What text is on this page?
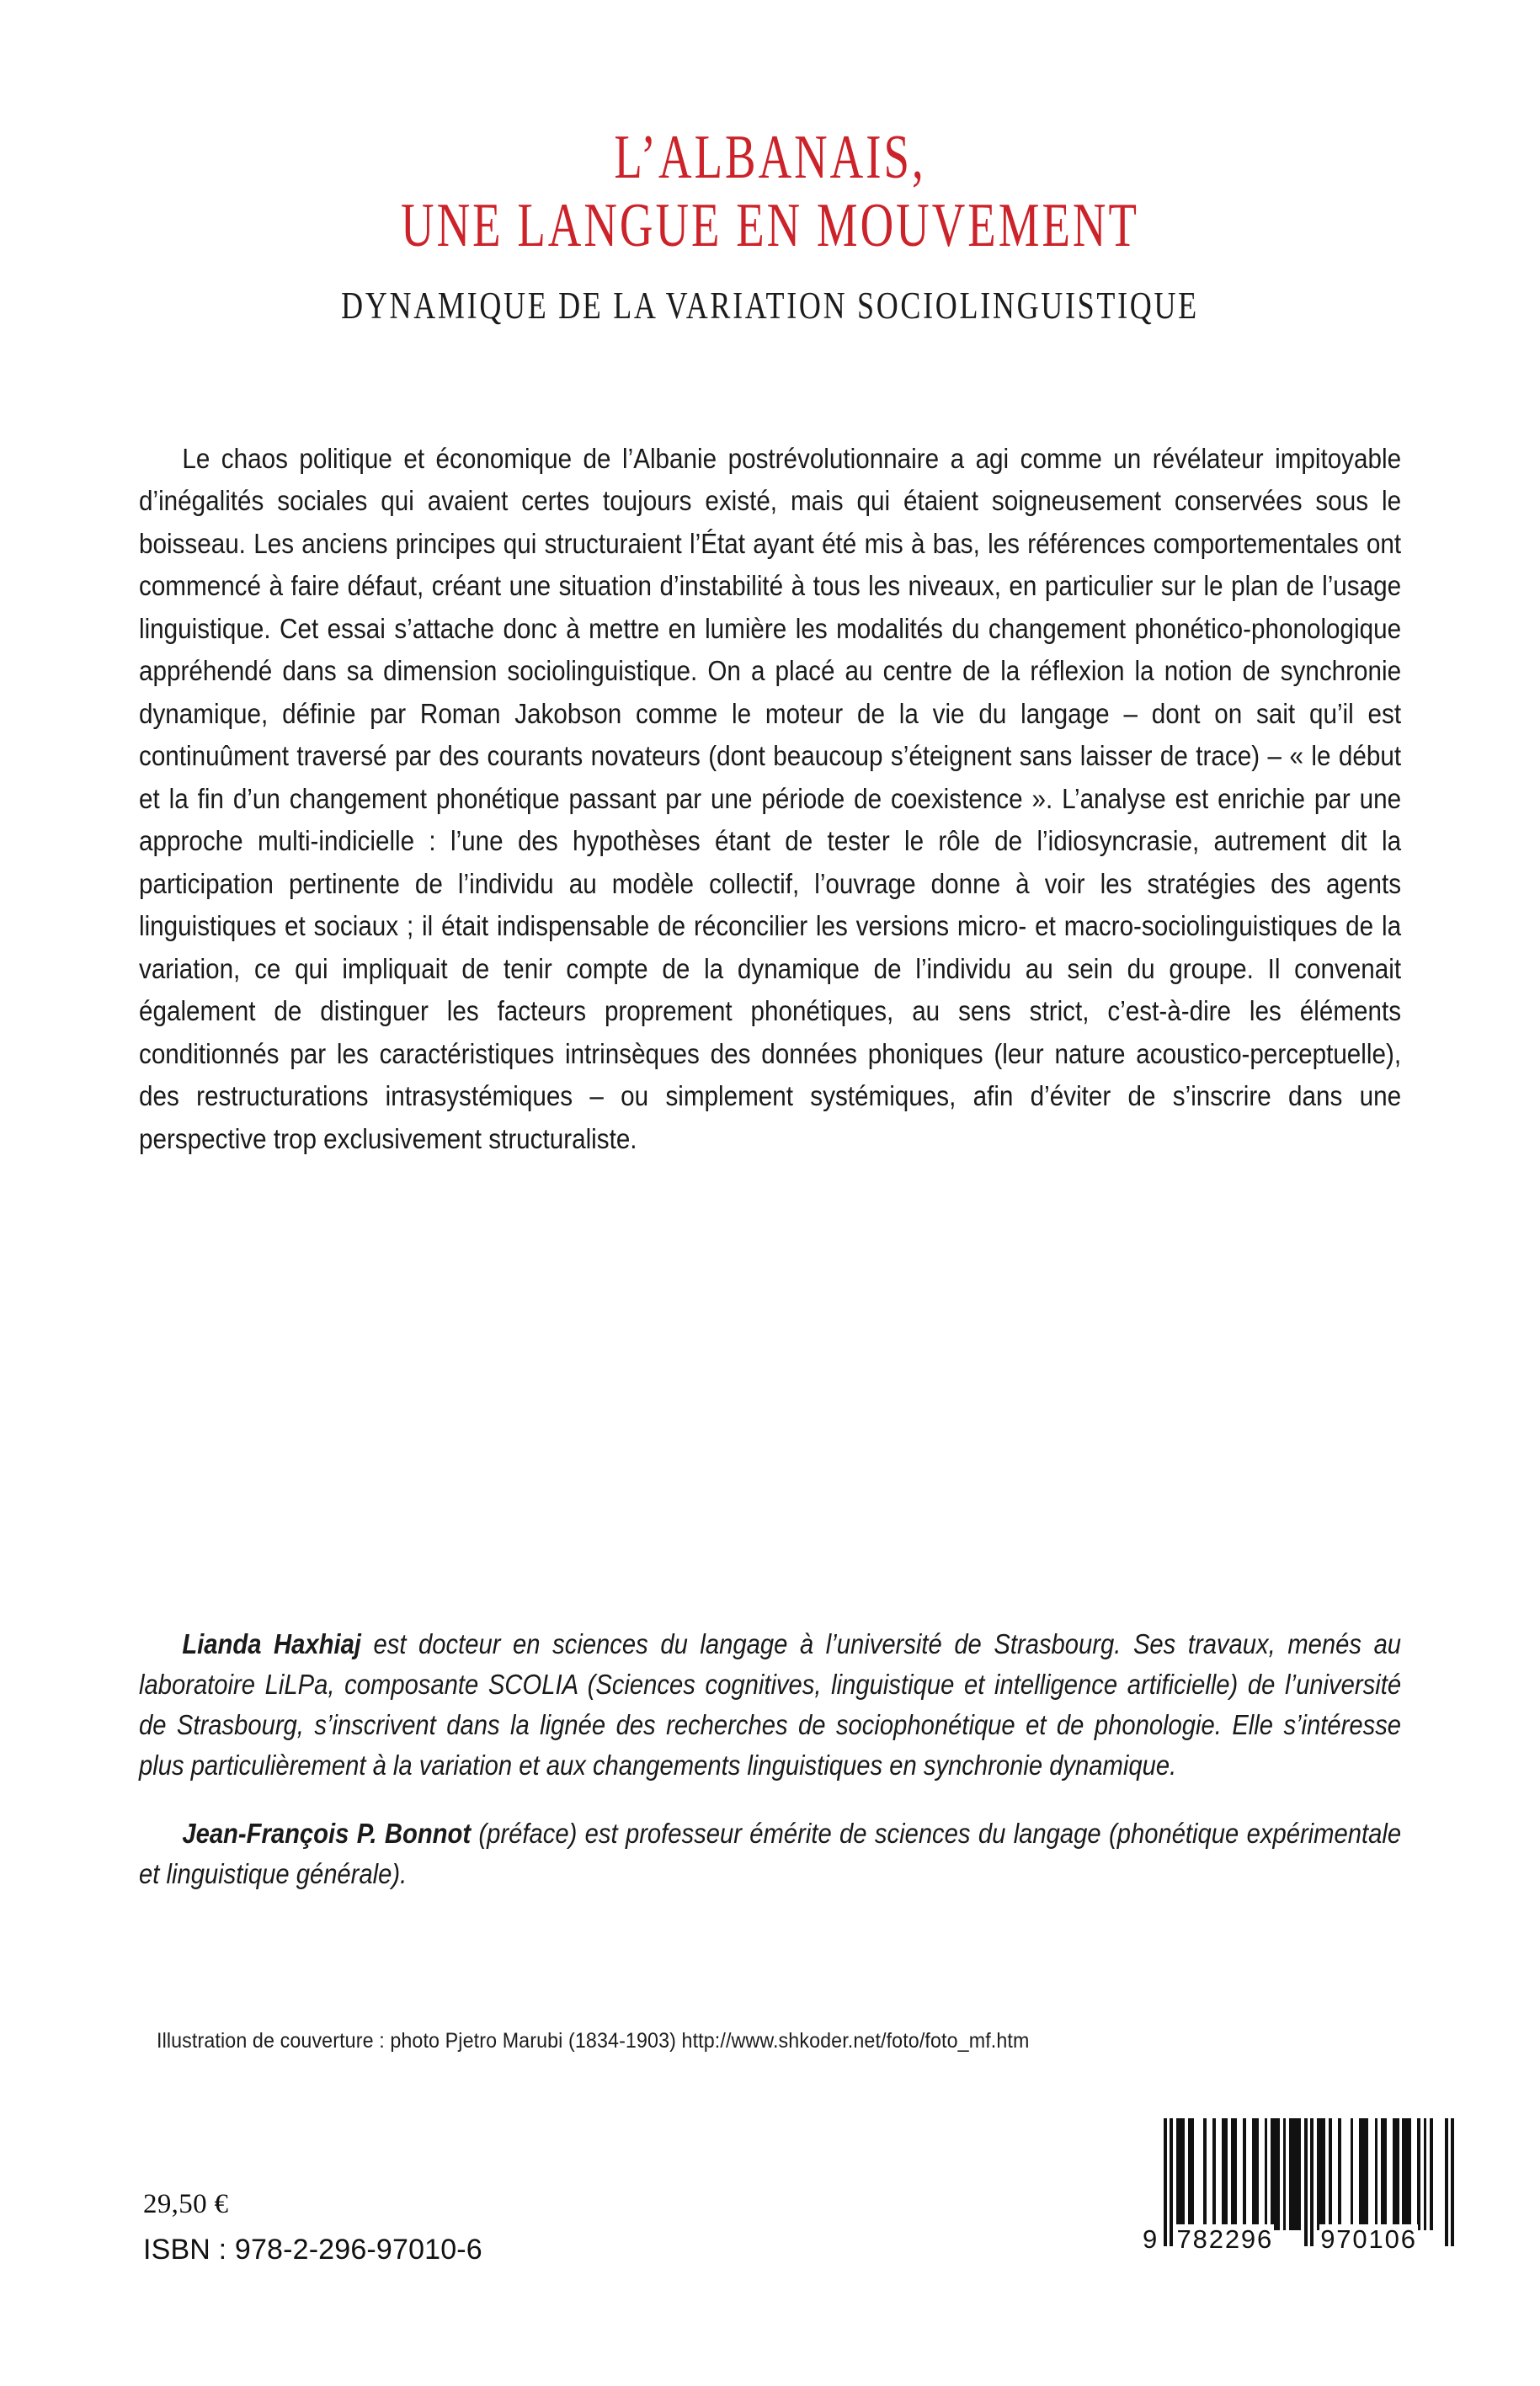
L’ALBANAIS,
UNE LANGUE EN MOUVEMENT
DYNAMIQUE DE LA VARIATION SOCIOLINGUISTIQUE

Le chaos politique et économique de l’Albanie postrévolutionnaire a agi comme un révélateur impitoyable d’inégalités sociales qui avaient certes toujours existé, mais qui étaient soigneusement conservées sous le boisseau. Les anciens principes qui structuraient l’État ayant été mis à bas, les références comportementales ont commencé à faire défaut, créant une situation d’instabilité à tous les niveaux, en particulier sur le plan de l’usage linguistique. Cet essai s’attache donc à mettre en lumière les modalités du changement phonético-phonologique appréhendé dans sa dimension sociolinguistique. On a placé au centre de la réflexion la notion de synchronie dynamique, définie par Roman Jakobson comme le moteur de la vie du langage – dont on sait qu’il est continuûment traversé par des courants novateurs (dont beaucoup s’éteignent sans laisser de trace) – « le début et la fin d’un changement phonétique passant par une période de coexistence ». L’analyse est enrichie par une approche multi-indicielle : l’une des hypothèses étant de tester le rôle de l’idiosyncrasie, autrement dit la participation pertinente de l’individu au modèle collectif, l’ouvrage donne à voir les stratégies des agents linguistiques et sociaux ; il était indispensable de réconcilier les versions micro- et macro-sociolinguistiques de la variation, ce qui impliquait de tenir compte de la dynamique de l’individu au sein du groupe. Il convenait également de distinguer les facteurs proprement phonétiques, au sens strict, c’est-à-dire les éléments conditionnés par les caractéristiques intrinsèques des données phoniques (leur nature acoustico-perceptuelle), des restructurations intrasystémiques – ou simplement systémiques, afin d’éviter de s’inscrire dans une perspective trop exclusivement structuraliste.

Lianda Haxhiaj est docteur en sciences du langage à l’université de Strasbourg. Ses travaux, menés au laboratoire LiLPa, composante SCOLIA (Sciences cognitives, linguistique et intelligence artificielle) de l’université de Strasbourg, s’inscrivent dans la lignée des recherches de sociophonétique et de phonologie. Elle s’intéresse plus particulièrement à la variation et aux changements linguistiques en synchronie dynamique.

Jean-François P. Bonnot (préface) est professeur émérite de sciences du langage (phonétique expérimentale et linguistique générale).

Illustration de couverture : photo Pjetro Marubi (1834-1903) http://www.shkoder.net/foto/foto_mf.htm
29,50 €
ISBN : 978-2-296-97010-6	9 782296 970106
